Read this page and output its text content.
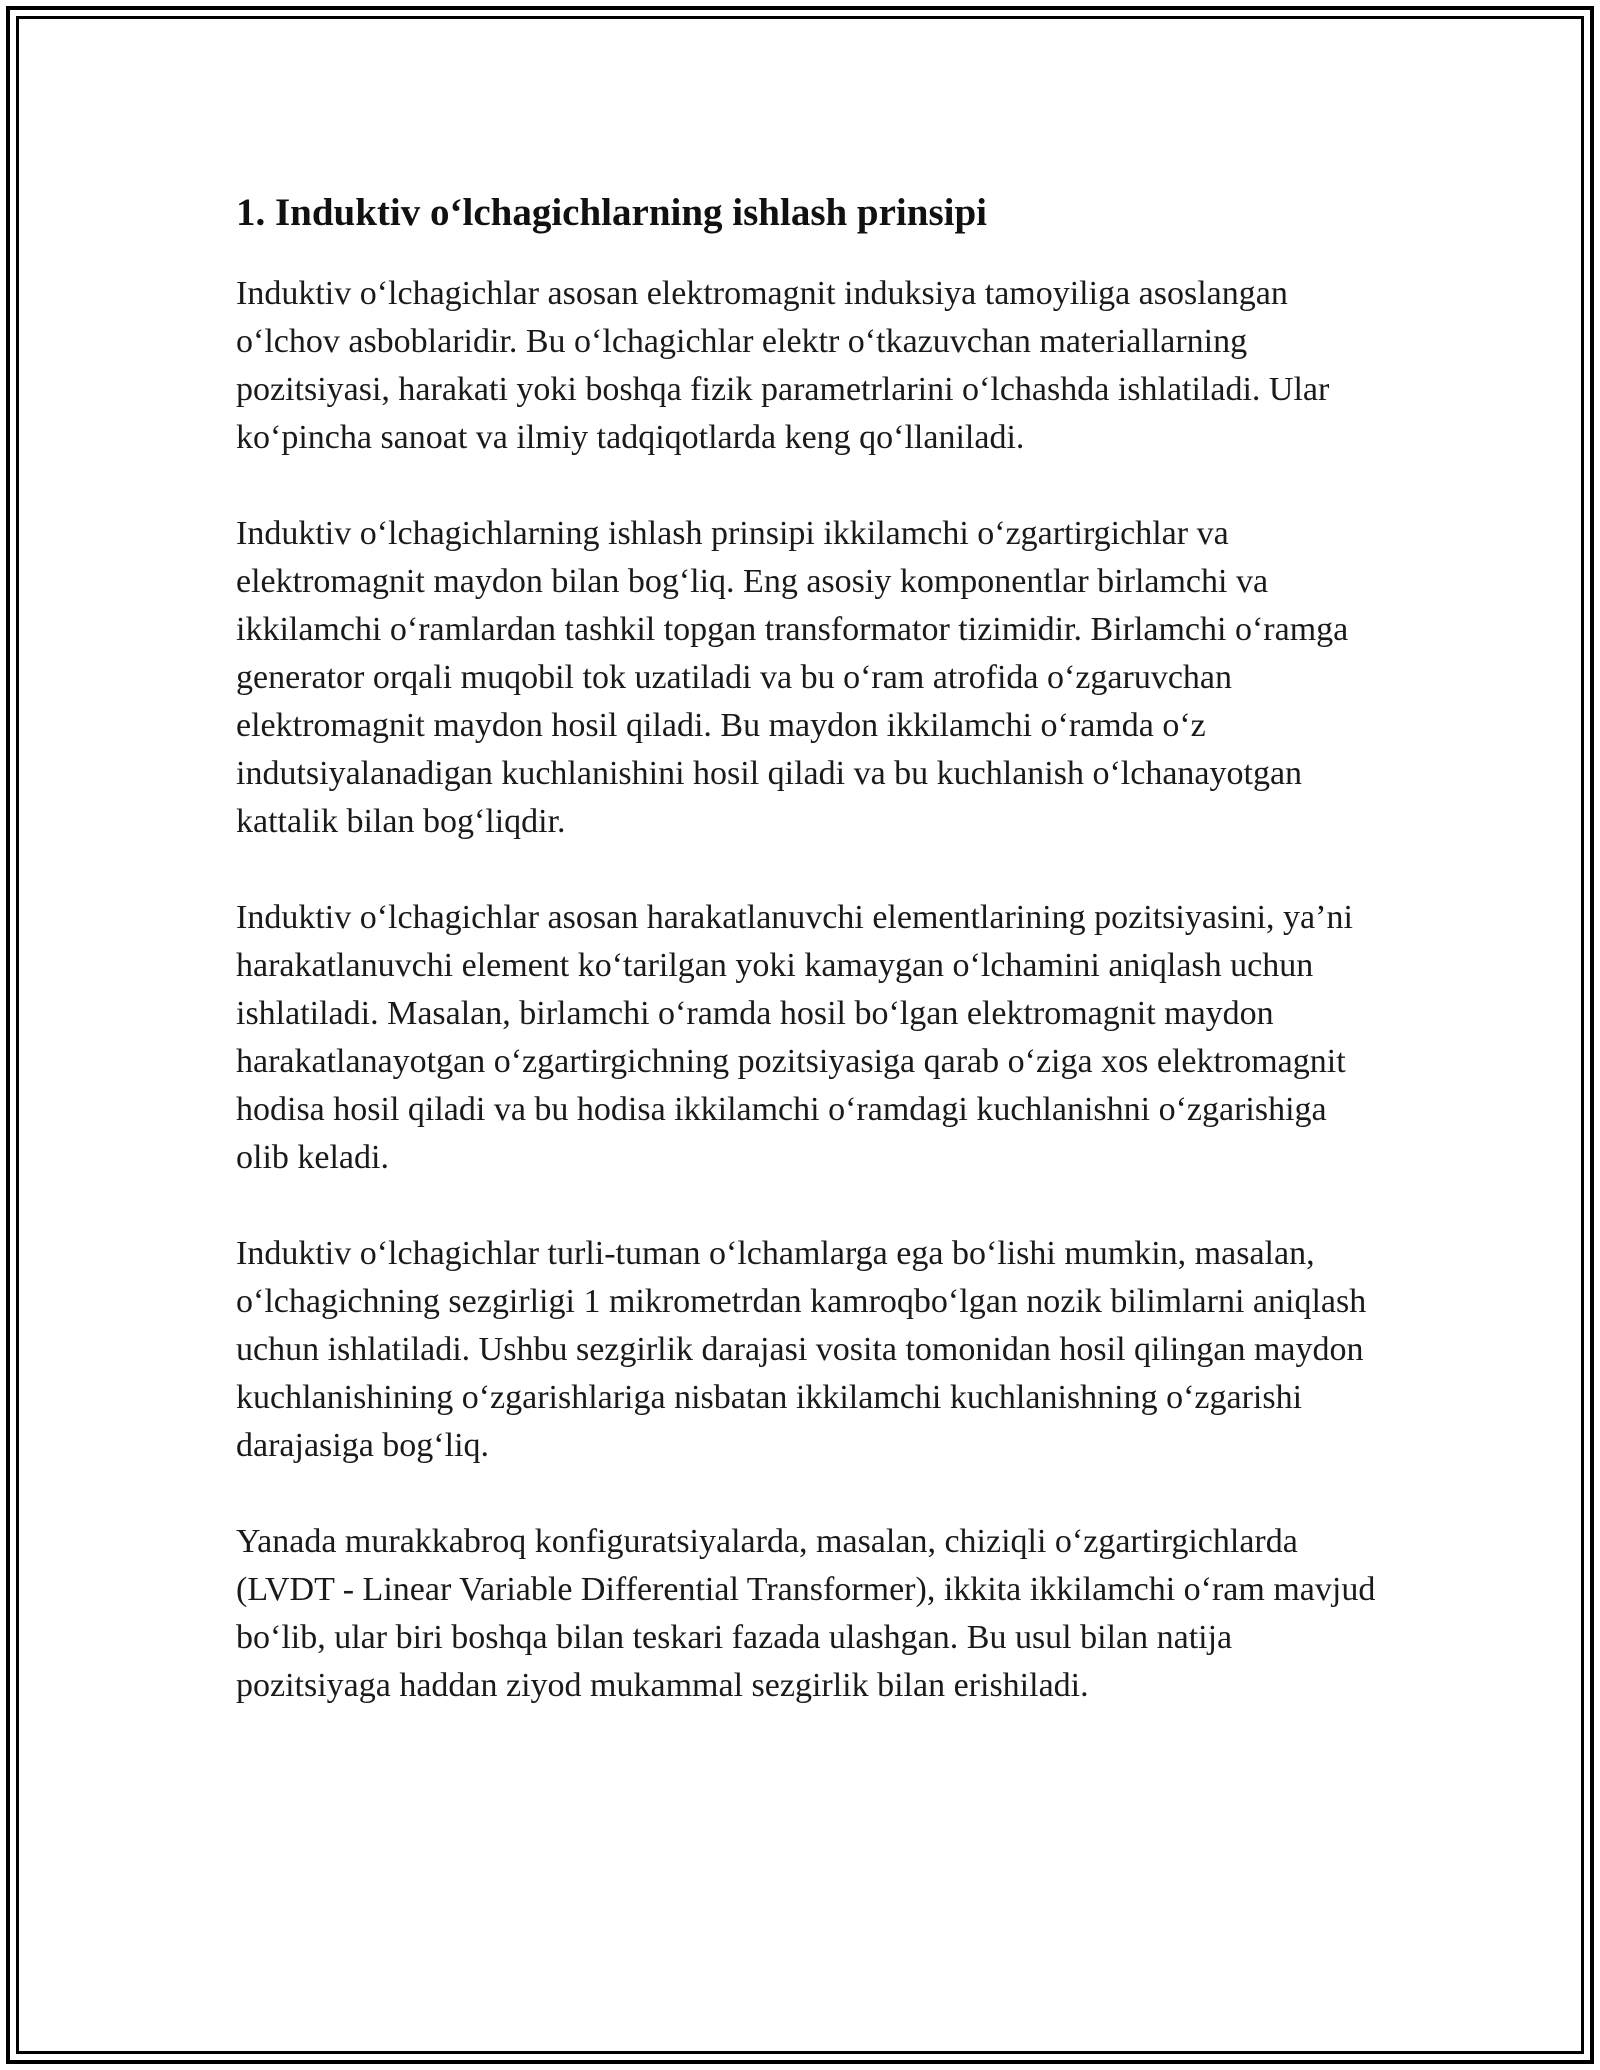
1. Induktiv oʻlchagichlarning ishlash prinsipi

Induktiv oʻlchagichlar asosan elektromagnit induksiya tamoyiliga asoslangan oʻlchov asboblaridir. Bu oʻlchagichlar elektr oʻtkazuvchan materiallarning pozitsiyasi, harakati yoki boshqa fizik parametrlarini oʻlchashda ishlatiladi. Ular koʻpincha sanoat va ilmiy tadqiqotlarda keng qoʻllaniladi.

Induktiv oʻlchagichlarning ishlash prinsipi ikkilamchi oʻzgartirgichlar va elektromagnit maydon bilan bogʻliq. Eng asosiy komponentlar birlamchi va ikkilamchi oʻramlardan tashkil topgan transformator tizimidir. Birlamchi oʻramga generator orqali muqobil tok uzatiladi va bu oʻram atrofida oʻzgaruvchan elektromagnit maydon hosil qiladi. Bu maydon ikkilamchi oʻramda oʻz indutsiyalanadigan kuchlanishini hosil qiladi va bu kuchlanish oʻlchanayotgan kattalik bilan bogʻliqdir.

Induktiv oʻlchagichlar asosan harakatlanuvchi elementlarining pozitsiyasini, ya’ni harakatlanuvchi element koʻtarilgan yoki kamaygan oʻlchamini aniqlash uchun ishlatiladi. Masalan, birlamchi oʻramda hosil boʻlgan elektromagnit maydon harakatlanayotgan oʻzgartirgichning pozitsiyasiga qarab oʻziga xos elektromagnit hodisa hosil qiladi va bu hodisa ikkilamchi oʻramdagi kuchlanishni oʻzgarishiga olib keladi.

Induktiv oʻlchagichlar turli-tuman oʻlchamlarga ega boʻlishi mumkin, masalan, oʻlchagichning sezgirligi 1 mikrometrdan kamroqboʻlgan nozik bilimlarni aniqlash uchun ishlatiladi. Ushbu sezgirlik darajasi vosita tomonidan hosil qilingan maydon kuchlanishining oʻzgarishlariga nisbatan ikkilamchi kuchlanishning oʻzgarishi darajasiga bogʻliq.

Yanada murakkabroq konfiguratsiyalarda, masalan, chiziqli oʻzgartirgichlarda (LVDT - Linear Variable Differential Transformer), ikkita ikkilamchi oʻram mavjud boʻlib, ular biri boshqa bilan teskari fazada ulashgan. Bu usul bilan natija pozitsiyaga haddan ziyod mukammal sezgirlik bilan erishiladi.
